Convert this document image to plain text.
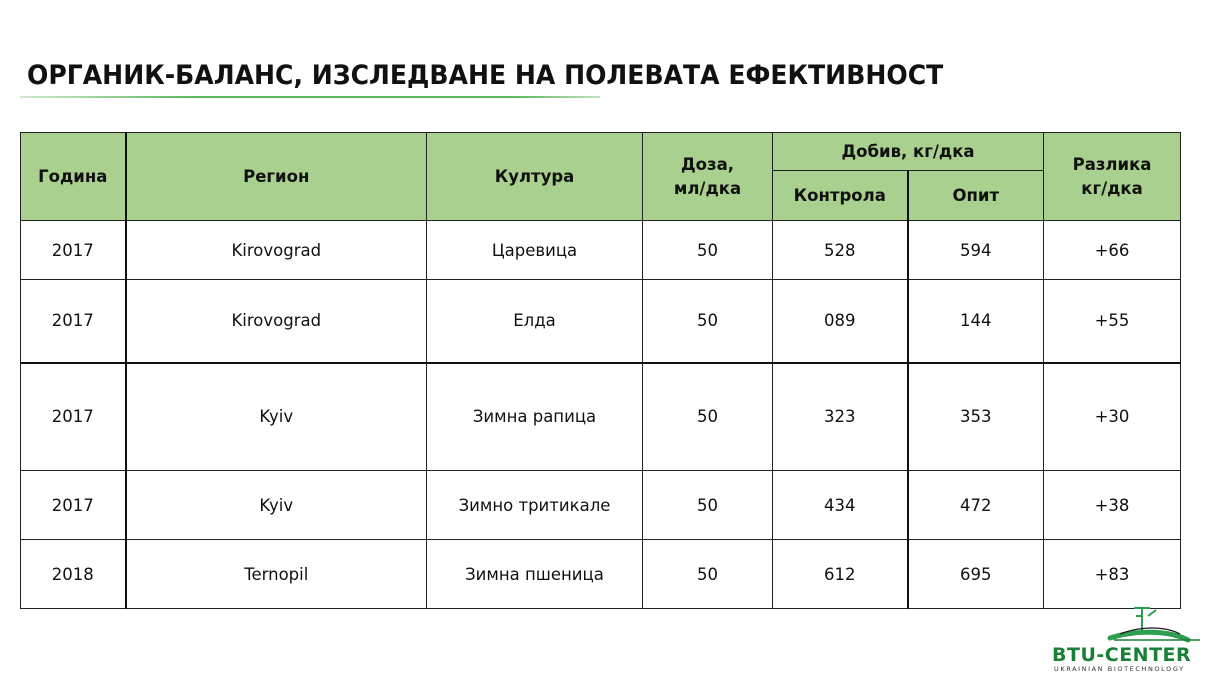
ОРГАНИК-БАЛАНС, ИЗСЛЕДВАНЕ НА ПОЛЕВАТА ЕФЕКТИВНОСТ
Година	Регион	Култура	Доза, мл/дка	Добив, кг/дка		Разлика кг/дка
				Контрола	Опит	
2017	Kirovograd	Царевица	50	528	594	+66
2017	Kirovograd	Елда	50	089	144	+55
2017	Kyiv	Зимна рапица	50	323	353	+30
2017	Kyiv	Зимно тритикале	50	434	472	+38
2018	Ternopil	Зимна пшеница	50	612	695	+83
BTU-CENTER
UKRAINIAN BIOTECHNOLOGY
